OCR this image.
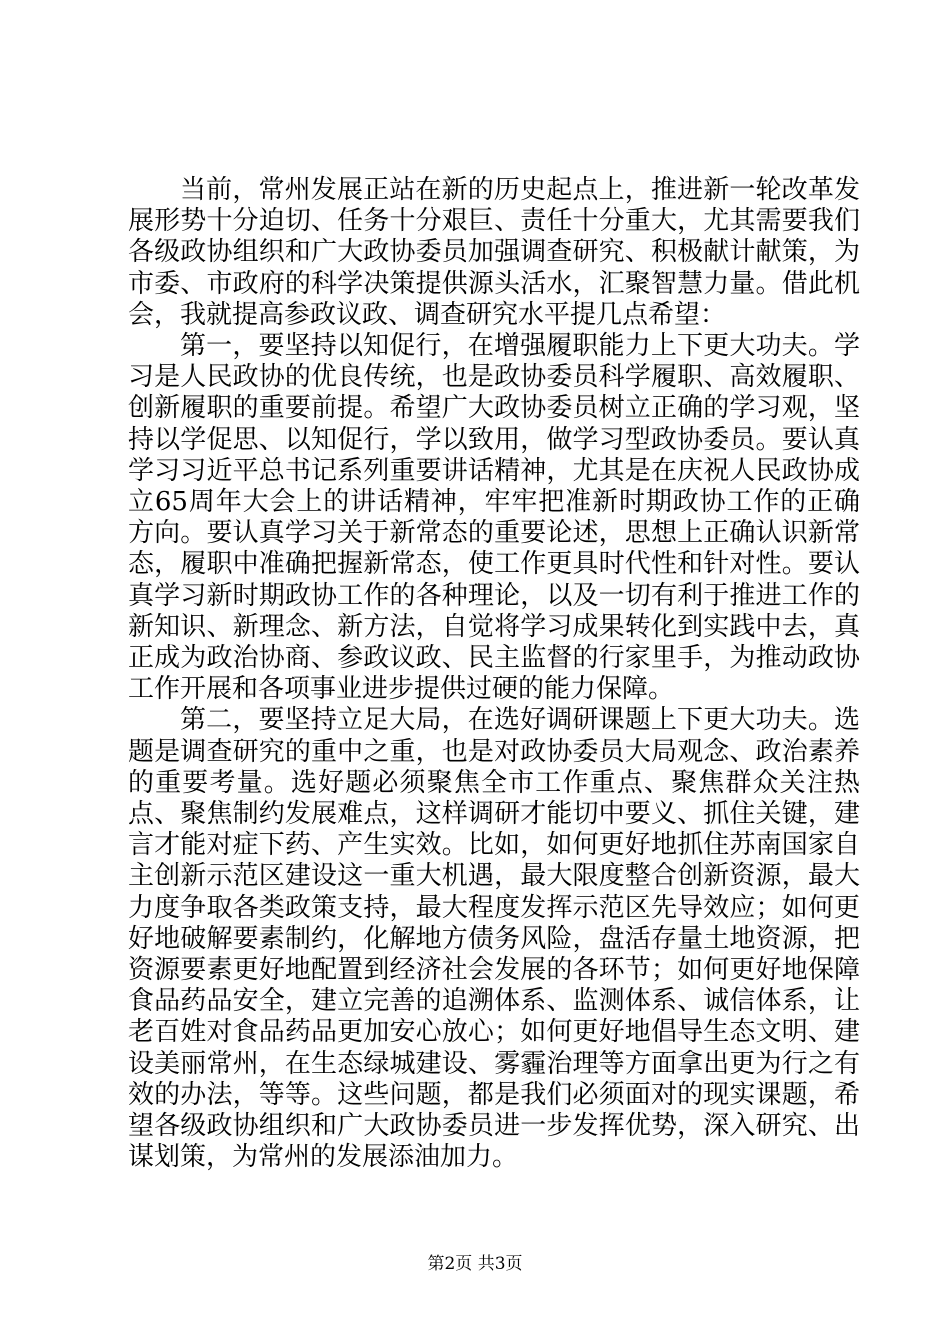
当前，常州发展正站在新的历史起点上，推进新一轮改革发展形势十分迫切、任务十分艰巨、责任十分重大，尤其需要我们各级政协组织和广大政协委员加强调查研究、积极献计献策，为市委、市政府的科学决策提供源头活水，汇聚智慧力量。借此机会，我就提高参政议政、调查研究水平提几点希望：

第一，要坚持以知促行，在增强履职能力上下更大功夫。学习是人民政协的优良传统，也是政协委员科学履职、高效履职、创新履职的重要前提。希望广大政协委员树立正确的学习观，坚持以学促思、以知促行，学以致用，做学习型政协委员。要认真学习习近平总书记系列重要讲话精神，尤其是在庆祝人民政协成立65周年大会上的讲话精神，牢牢把准新时期政协工作的正确方向。要认真学习关于新常态的重要论述，思想上正确认识新常态，履职中准确把握新常态，使工作更具时代性和针对性。要认真学习新时期政协工作的各种理论，以及一切有利于推进工作的新知识、新理念、新方法，自觉将学习成果转化到实践中去，真正成为政治协商、参政议政、民主监督的行家里手，为推动政协工作开展和各项事业进步提供过硬的能力保障。

第二，要坚持立足大局，在选好调研课题上下更大功夫。选题是调查研究的重中之重，也是对政协委员大局观念、政治素养的重要考量。选好题必须聚焦全市工作重点、聚焦群众关注热点、聚焦制约发展难点，这样调研才能切中要义、抓住关键，建言才能对症下药、产生实效。比如，如何更好地抓住苏南国家自主创新示范区建设这一重大机遇，最大限度整合创新资源，最大力度争取各类政策支持，最大程度发挥示范区先导效应；如何更好地破解要素制约，化解地方债务风险，盘活存量土地资源，把资源要素更好地配置到经济社会发展的各环节；如何更好地保障食品药品安全，建立完善的追溯体系、监测体系、诚信体系，让老百姓对食品药品更加安心放心；如何更好地倡导生态文明、建设美丽常州，在生态绿城建设、雾霾治理等方面拿出更为行之有效的办法，等等。这些问题，都是我们必须面对的现实课题，希望各级政协组织和广大政协委员进一步发挥优势，深入研究、出谋划策，为常州的发展添油加力。

第2页 共3页
